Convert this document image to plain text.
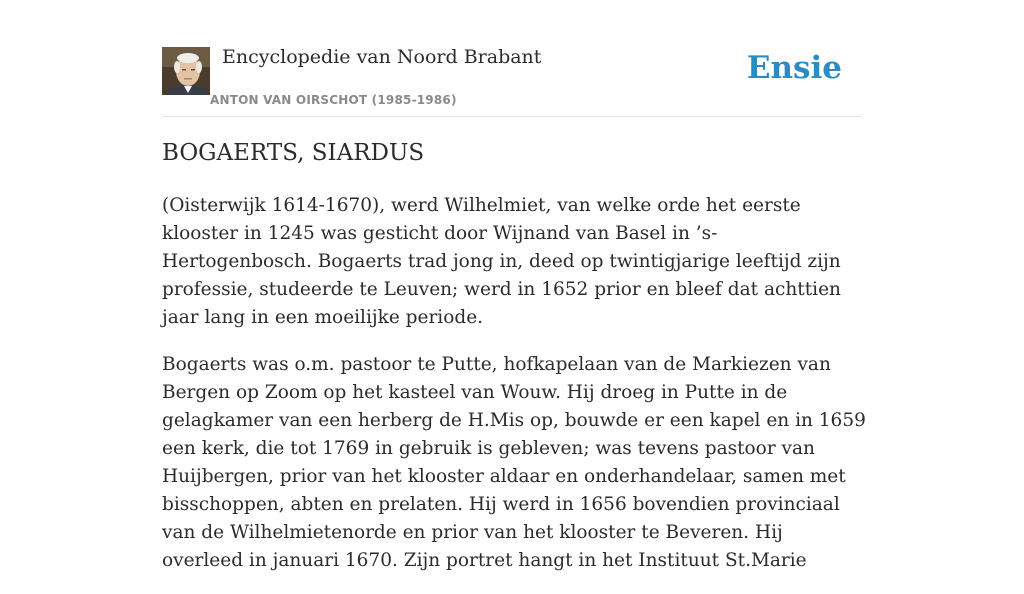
Encyclopedie van Noord Brabant
ANTON VAN OIRSCHOT (1985-1986)
Ensie
BOGAERTS, SIARDUS

(Oisterwijk 1614-1670), werd Wilhelmiet, van welke orde het eerste klooster in 1245 was gesticht door Wijnand van Basel in ’s-Hertogenbosch. Bogaerts trad jong in, deed op twintigjarige leeftijd zijn professie, studeerde te Leuven; werd in 1652 prior en bleef dat achttien jaar lang in een moeilijke periode.

Bogaerts was o.m. pastoor te Putte, hofkapelaan van de Markiezen van Bergen op Zoom op het kasteel van Wouw. Hij droeg in Putte in de gelagkamer van een herberg de H.Mis op, bouwde er een kapel en in 1659 een kerk, die tot 1769 in gebruik is gebleven; was tevens pastoor van Huijbergen, prior van het klooster aldaar en onderhandelaar, samen met bisschoppen, abten en prelaten. Hij werd in 1656 bovendien provinciaal van de Wilhelmietenorde en prior van het klooster te Beveren. Hij overleed in januari 1670. Zijn portret hangt in het Instituut St.Marie
